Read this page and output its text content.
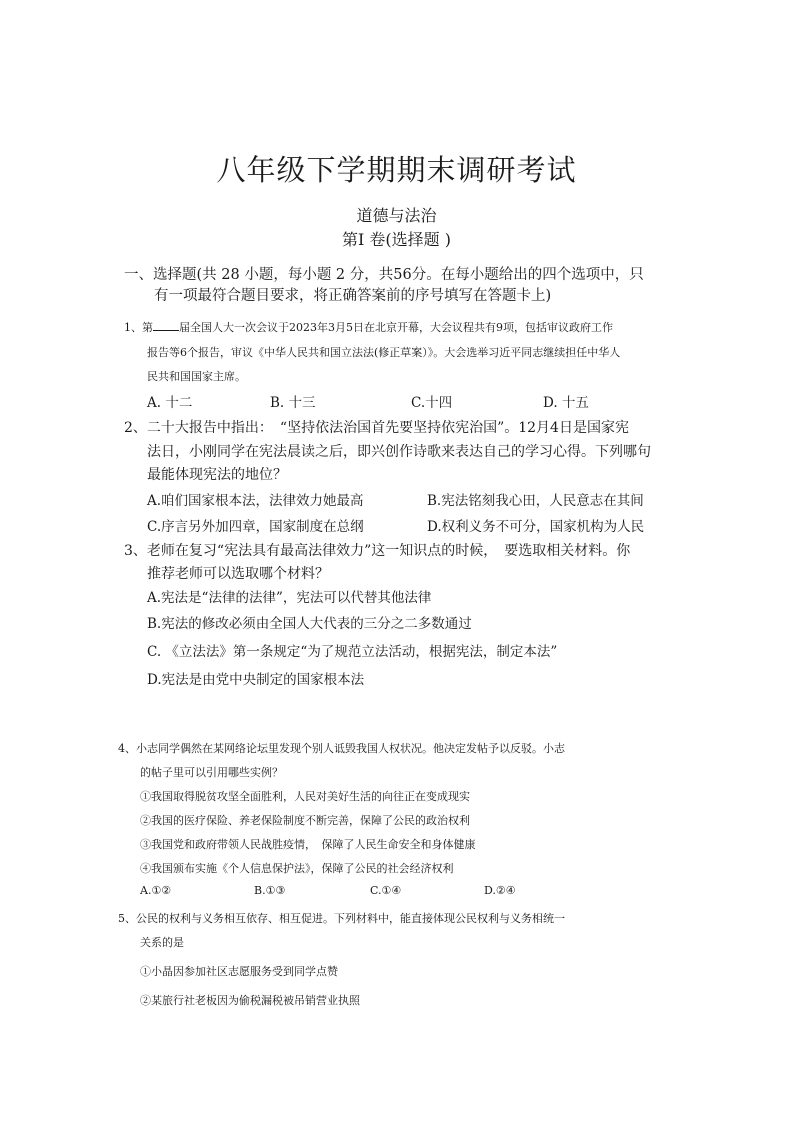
八年级下学期期末调研考试
道德与法治
第Ⅰ 卷(选择题 )
一、选择题(共 28 小题，每小题 2 分，共56分。在每小题给出的四个选项中，只
有一项最符合题目要求，将正确答案前的序号填写在答题卡上)
1、第 届全国人大一次会议于2023年3月5日在北京开幕，大会议程共有9项，包括审议政府工作
报告等6个报告，审议《中华人民共和国立法法(修正草案）》。大会选举习近平同志继续担任中华人
民共和国国家主席。
A. 十二	B. 十三	C.十四	D. 十五
2、二十大报告中指出：　“坚持依法治国首先要坚持依宪治国”。12月4日是国家宪
法日，小刚同学在宪法晨读之后，即兴创作诗歌来表达自己的学习心得。下列哪句
最能体现宪法的地位？
A.咱们国家根本法，法律效力她最高	B.宪法铭刻我心田，人民意志在其间
C.序言另外加四章，国家制度在总纲	D.权利义务不可分，国家机构为人民
3、老师在复习“宪法具有最高法律效力”这一知识点的时候，　要选取相关材料。你
推荐老师可以选取哪个材料？
A.宪法是“法律的法律”，宪法可以代替其他法律
B.宪法的修改必须由全国人大代表的三分之二多数通过
C. 《立法法》第一条规定“为了规范立法活动，根据宪法，制定本法”
D.宪法是由党中央制定的国家根本法
4、小志同学偶然在某网络论坛里发现个别人诋毁我国人权状况。他决定发帖予以反驳。小志
的帖子里可以引用哪些实例？
①我国取得脱贫攻坚全面胜利，人民对美好生活的向往正在变成现实
②我国的医疗保险、养老保险制度不断完善，保障了公民的政治权利
③我国党和政府带领人民战胜疫情，　保障了人民生命安全和身体健康
④我国颁布实施《个人信息保护法》，保障了公民的社会经济权利
A.①②	B.①③	C.①④	D.②④
5、公民的权利与义务相互依存、相互促进。下列材料中，能直接体现公民权利与义务相统一
关系的是
①小晶因参加社区志愿服务受到同学点赞
②某旅行社老板因为偷税漏税被吊销营业执照
